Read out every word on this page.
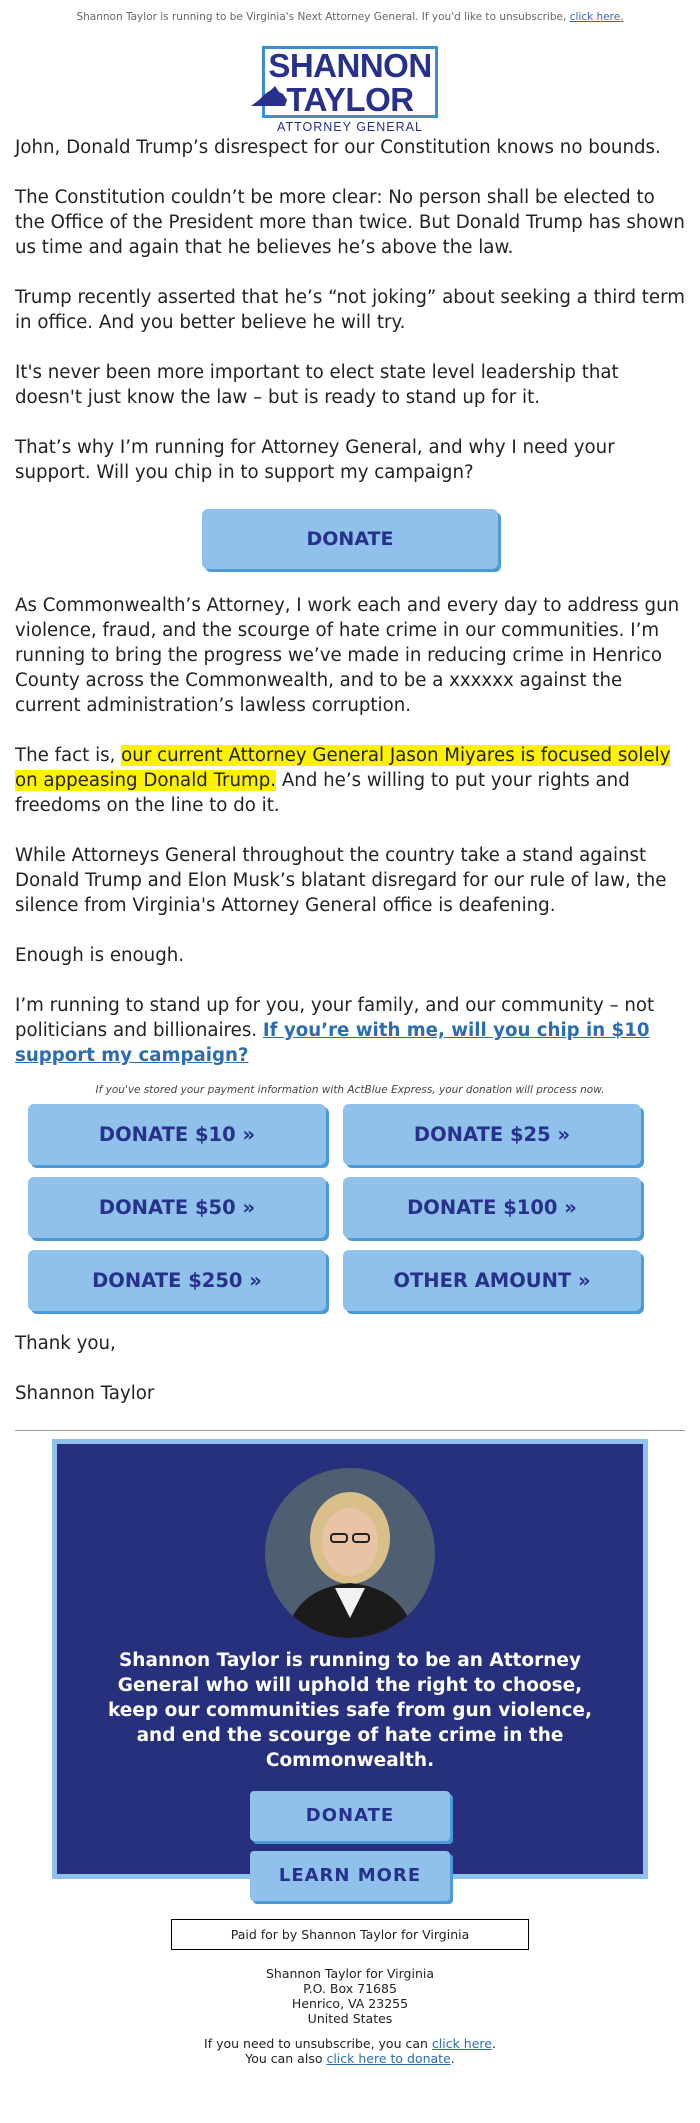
Shannon Taylor is running to be Virginia's Next Attorney General. If you'd like to unsubscribe, click here.
SHANNON
TAYLOR
ATTORNEY GENERAL

John, Donald Trump’s disrespect for our Constitution knows no bounds.

The Constitution couldn’t be more clear: No person shall be elected to the Office of the President more than twice. But Donald Trump has shown us time and again that he believes he’s above the law.

Trump recently asserted that he’s “not joking” about seeking a third term in office. And you better believe he will try.

It's never been more important to elect state level leadership that doesn't just know the law – but is ready to stand up for it.

That’s why I’m running for Attorney General, and why I need your support. Will you chip in to support my campaign?

DONATE

As Commonwealth’s Attorney, I work each and every day to address gun violence, fraud, and the scourge of hate crime in our communities. I’m running to bring the progress we’ve made in reducing crime in Henrico County across the Commonwealth, and to be a xxxxxx against the current administration’s lawless corruption.

The fact is, our current Attorney General Jason Miyares is focused solely on appeasing Donald Trump. And he’s willing to put your rights and freedoms on the line to do it.

While Attorneys General throughout the country take a stand against Donald Trump and Elon Musk’s blatant disregard for our rule of law, the silence from Virginia's Attorney General office is deafening.

Enough is enough.

I’m running to stand up for you, your family, and our community – not politicians and billionaires. If you’re with me, will you chip in $10 support my campaign?

If you've stored your payment information with ActBlue Express, your donation will process now.
DONATE $10 »	DONATE $25 »
DONATE $50 »	DONATE $100 »
DONATE $250 »	OTHER AMOUNT »

Thank you,

Shannon Taylor

Shannon Taylor is running to be an Attorney General who will uphold the right to choose, keep our communities safe from gun violence, and end the scourge of hate crime in the Commonwealth.
DONATE
LEARN MORE
Paid for by Shannon Taylor for Virginia
Shannon Taylor for Virginia
P.O. Box 71685
Henrico, VA 23255
United States
If you need to unsubscribe, you can click here.
You can also click here to donate.
